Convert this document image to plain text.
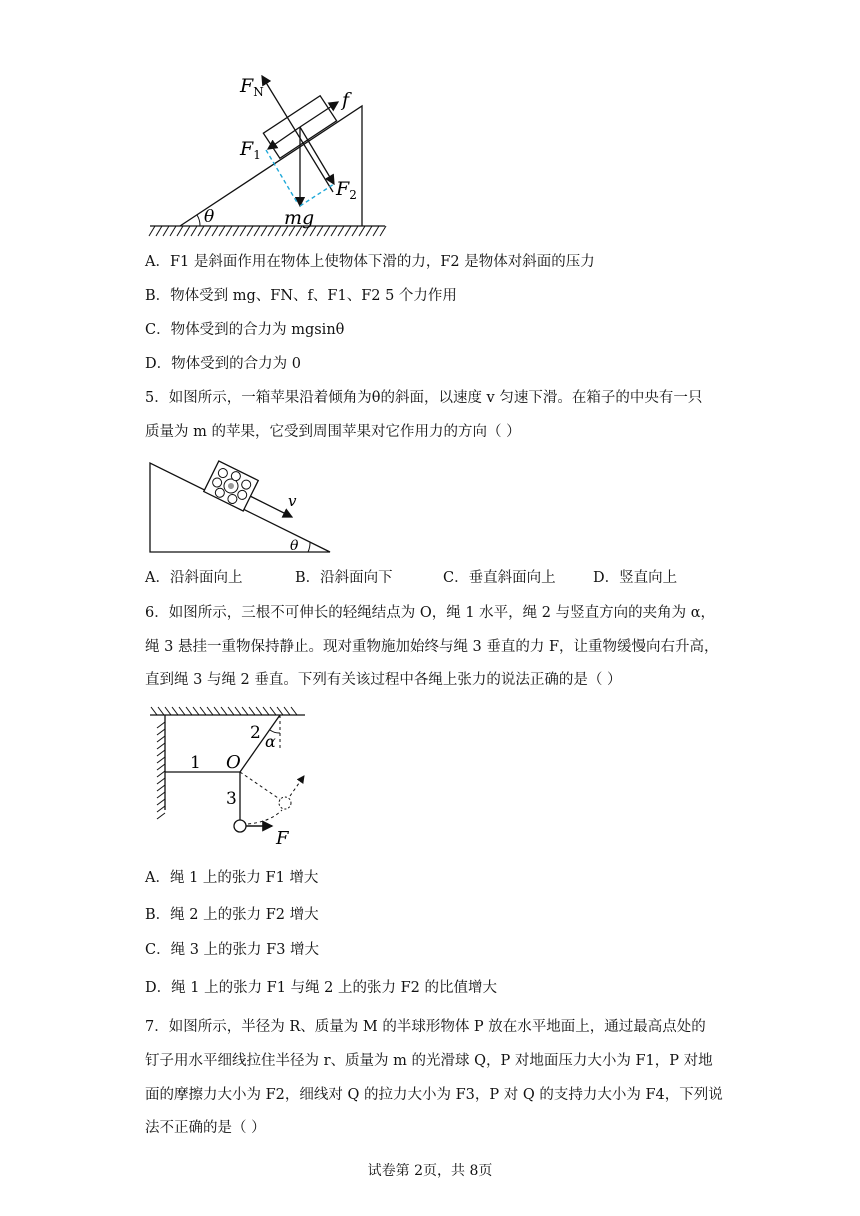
$F_N$	f
$F_1$
$F_2$
θ	mg
A．F1 是斜面作用在物体上使物体下滑的力，F2 是物体对斜面的压力
B．物体受到 mg、FN、f、F1、F2 5 个力作用
C．物体受到的合力为 mgsinθ
D．物体受到的合力为 0
5．如图所示，一箱苹果沿着倾角为θ的斜面，以速度 v 匀速下滑。在箱子的中央有一只
质量为 m 的苹果，它受到周围苹果对它作用力的方向（ ）
v
θ
A．沿斜面向上	B．沿斜面向下	C．垂直斜面向上	D．竖直向上
6．如图所示，三根不可伸长的轻绳结点为 O，绳 1 水平，绳 2 与竖直方向的夹角为 α，
绳 3 悬挂一重物保持静止。现对重物施加始终与绳 3 垂直的力 F，让重物缓慢向右升高，
直到绳 3 与绳 2 垂直。下列有关该过程中各绳上张力的说法正确的是（ ）
1
2
3
O
α
F
A．绳 1 上的张力 F1 增大
B．绳 2 上的张力 F2 增大
C．绳 3 上的张力 F3 增大
D．绳 1 上的张力 F1 与绳 2 上的张力 F2 的比值增大
7．如图所示，半径为 R、质量为 M 的半球形物体 P 放在水平地面上，通过最高点处的
钉子用水平细线拉住半径为 r、质量为 m 的光滑球 Q，P 对地面压力大小为 F1，P 对地
面的摩擦力大小为 F2，细线对 Q 的拉力大小为 F3，P 对 Q 的支持力大小为 F4，下列说
法不正确的是（ ）
试卷第 2页，共 8页
